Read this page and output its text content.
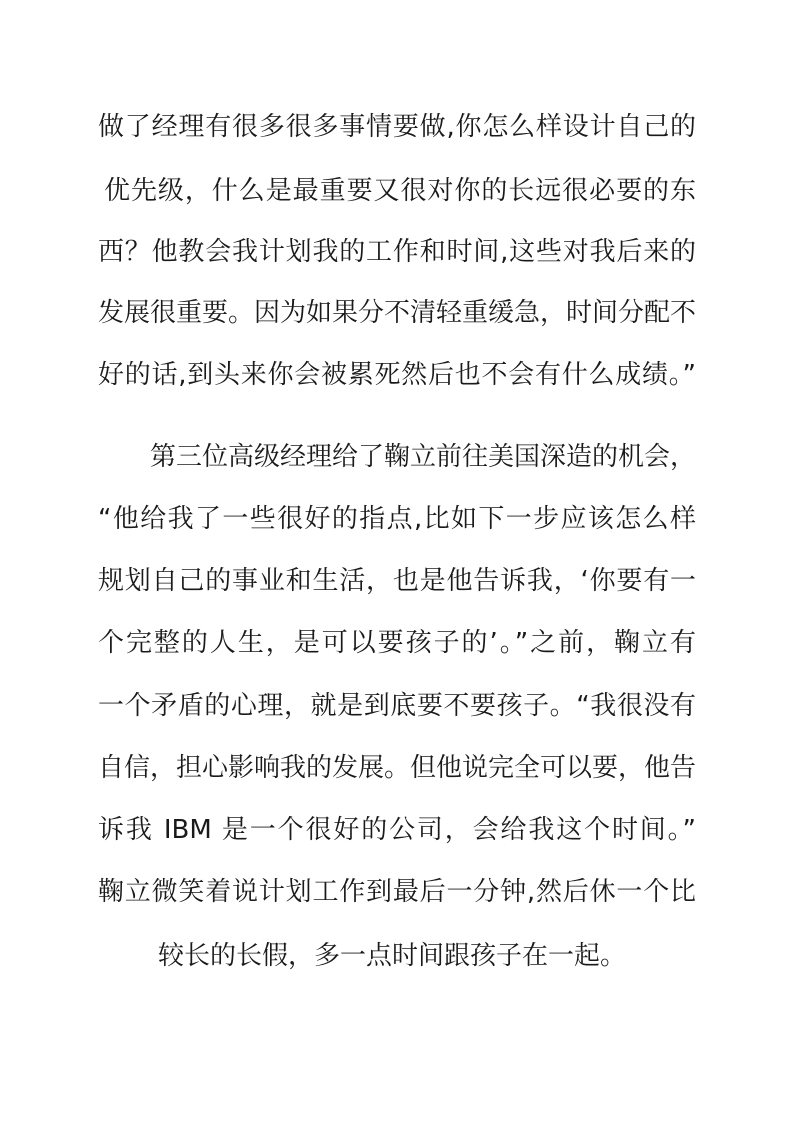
做了经理有很多很多事情要做,你怎么样设计自己的
优先级，什么是最重要又很对你的长远很必要的东
西？他教会我计划我的工作和时间,这些对我后来的
发展很重要。因为如果分不清轻重缓急，时间分配不
好的话,到头来你会被累死然后也不会有什么成绩。”
第三位高级经理给了鞠立前往美国深造的机会，
“他给我了一些很好的指点,比如下一步应该怎么样
规划自己的事业和生活，也是他告诉我，‘你要有一
个完整的人生，是可以要孩子的’。”之前，鞠立有
一个矛盾的心理，就是到底要不要孩子。“我很没有
自信，担心影响我的发展。但他说完全可以要，他告
诉我 IBM 是一个很好的公司，会给我这个时间。”
鞠立微笑着说计划工作到最后一分钟,然后休一个比
较长的长假，多一点时间跟孩子在一起。
